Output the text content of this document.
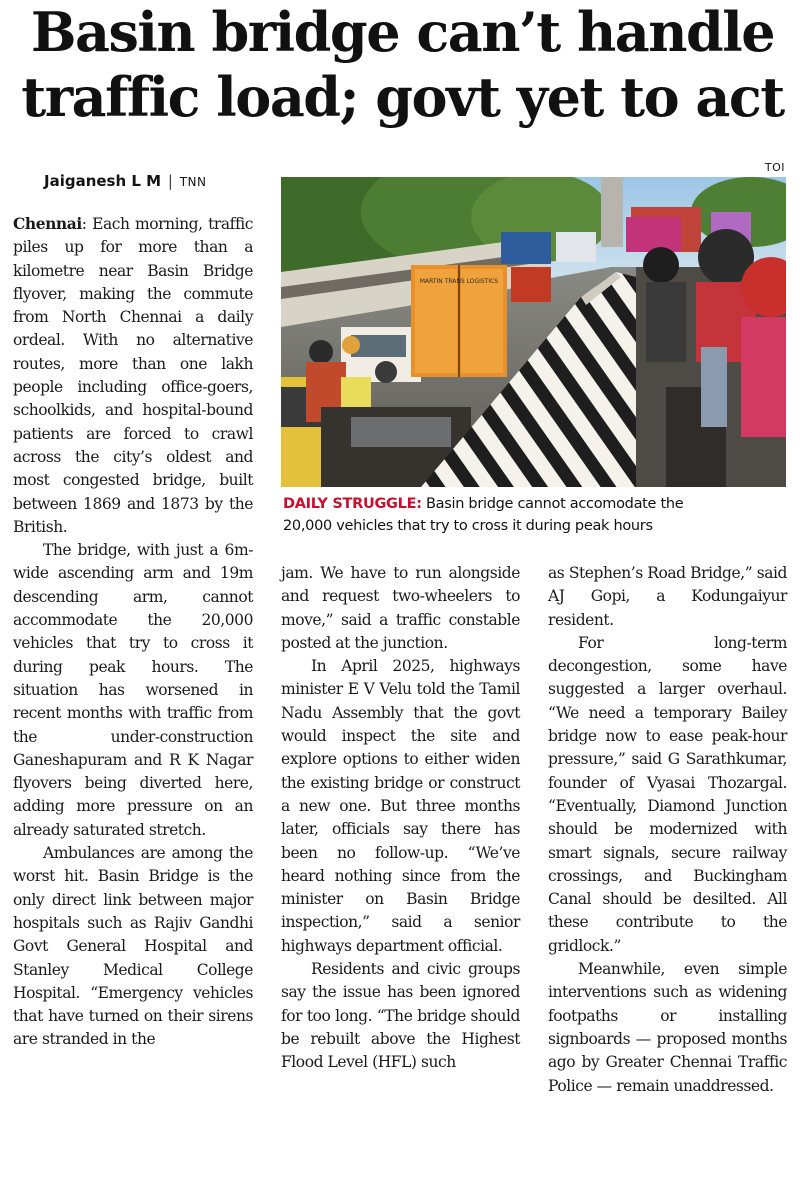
Basin bridge can’t handle
traffic load; govt yet to act
Jaiganesh L M | TNN
TOI
MARTIN TRANS LOGISTICS
DAILY STRUGGLE: Basin bridge cannot accomodate the
20,000 vehicles that try to cross it during peak hours

Chennai: Each morning, traffic piles up for more than a kilometre near Basin Bridge flyover, making the commute from North Chennai a daily ordeal. With no alternative routes, more than one lakh people including office-goers, schoolkids, and hospital-bound patients are forced to crawl across the city’s oldest and most congested bridge, built between 1869 and 1873 by the British.

The bridge, with just a 6m-wide ascending arm and 19m descending arm, cannot accommodate the 20,000 vehicles that try to cross it during peak hours. The situation has worsened in recent months with traffic from the under-construction Ganeshapuram and R K Nagar flyovers being diverted here, adding more pressure on an already saturated stretch.

Ambulances are among the worst hit. Basin Bridge is the only direct link between major hospitals such as Rajiv Gandhi Govt General Hospital and Stanley Medical College Hospital. “Emergency vehicles that have turned on their sirens are stranded in the

jam. We have to run alongside and request two-wheelers to move,” said a traffic constable posted at the junction.

In April 2025, highways minister E V Velu told the Tamil Nadu Assembly that the govt would inspect the site and explore options to either widen the existing bridge or construct a new one. But three months later, officials say there has been no follow-up. “We’ve heard nothing since from the minister on Basin Bridge inspection,” said a senior highways department official.

Residents and civic groups say the issue has been ignored for too long. “The bridge should be rebuilt above the Highest Flood Level (HFL) such

as Stephen’s Road Bridge,” said AJ Gopi, a Kodungaiyur resident.

For long-term decongestion, some have suggested a larger overhaul. “We need a temporary Bailey bridge now to ease peak-hour pressure,” said G Sarathkumar, founder of Vyasai Thozargal. “Eventually, Diamond Junction should be modernized with smart signals, secure railway crossings, and Buckingham Canal should be desilted. All these contribute to the gridlock.”

Meanwhile, even simple interventions such as widening footpaths or installing signboards — proposed months ago by Greater Chennai Traffic Police — remain unaddressed.
